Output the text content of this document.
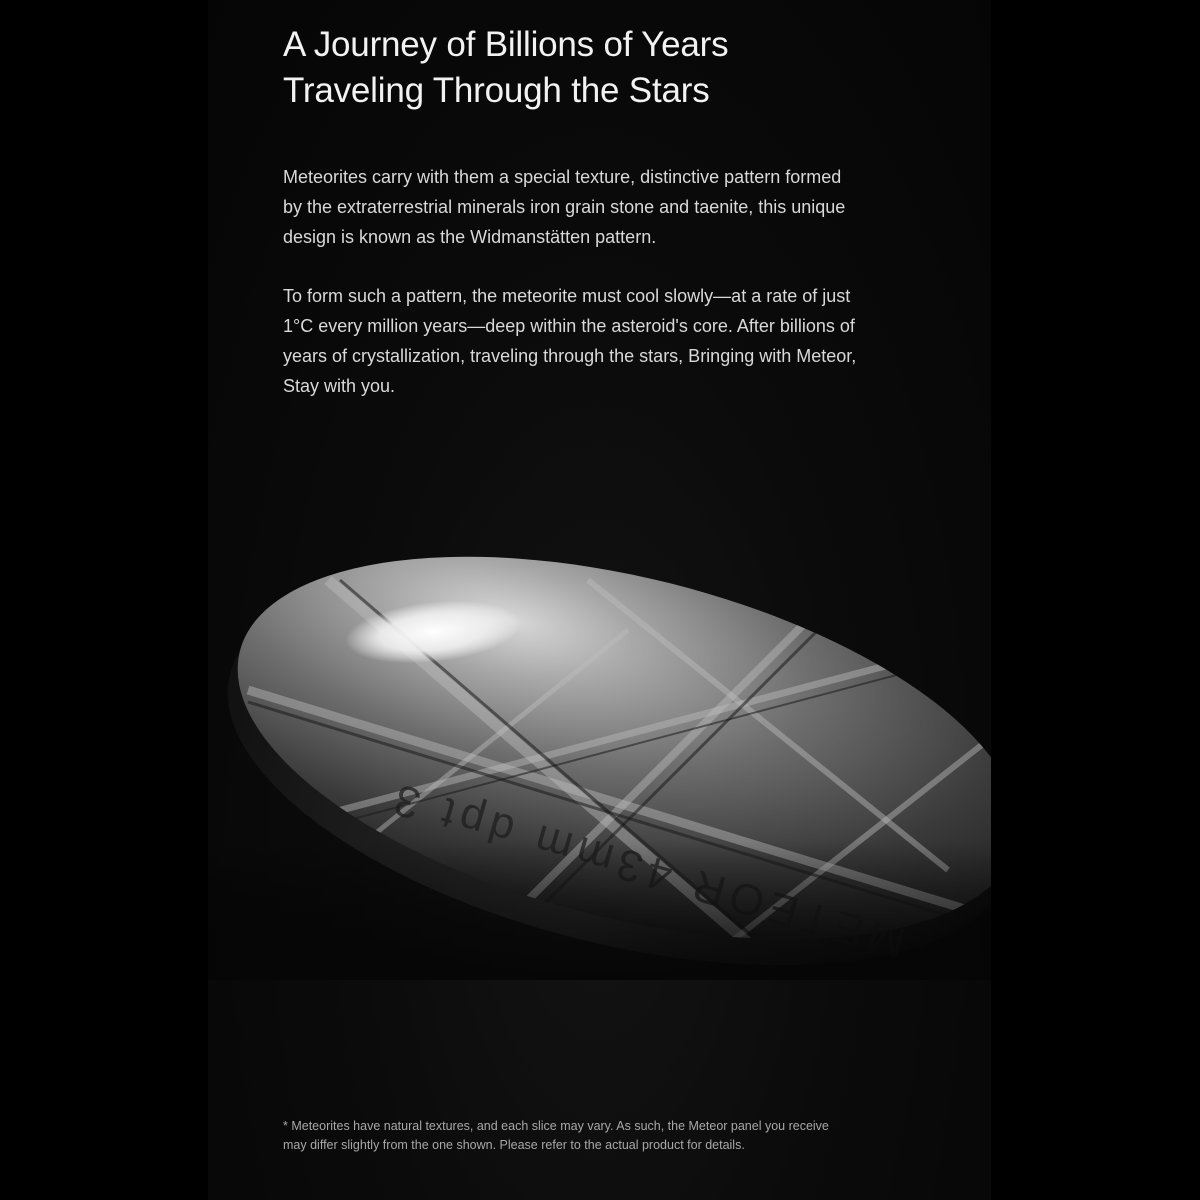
A Journey of Billions of Years
Traveling Through the Stars

Meteorites carry with them a special texture, distinctive pattern formed
by the extraterrestrial minerals iron grain stone and taenite, this unique
design is known as the Widmanstätten pattern.

To form such a pattern, the meteorite must cool slowly—at a rate of just
1°C every million years—deep within the asteroid's core. After billions of
years of crystallization, traveling through the stars, Bringing with Meteor,
Stay with you.

* Meteorites have natural textures, and each slice may vary. As such, the Meteor panel you receive
may differ slightly from the one shown. Please refer to the actual product for details.
